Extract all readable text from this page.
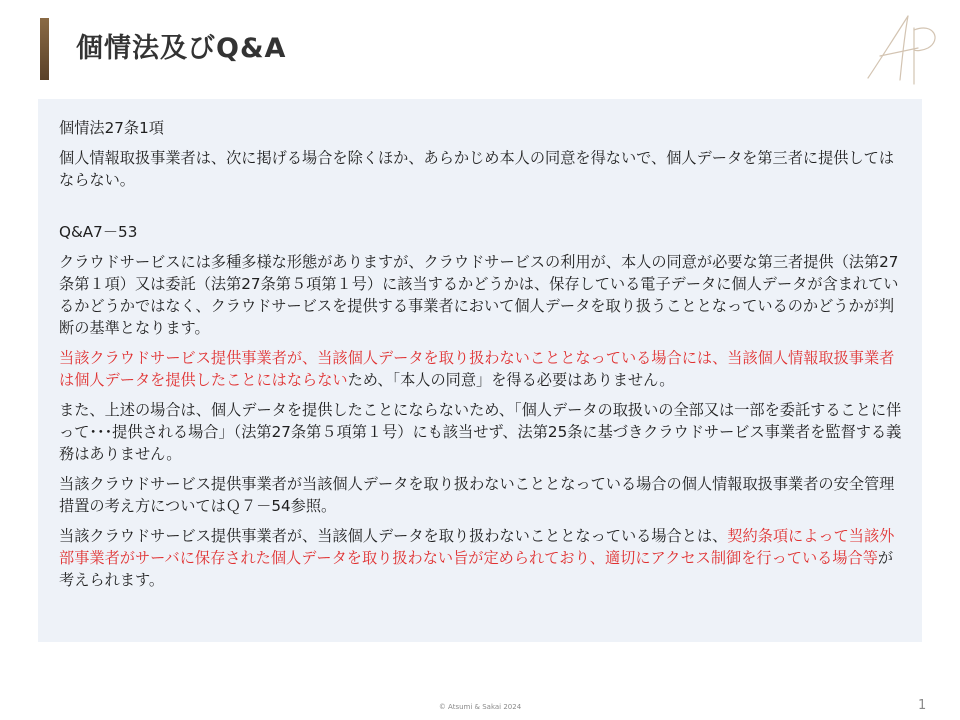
個情法及びQ&A

個情法27条1項

個人情報取扱事業者は、次に掲げる場合を除くほか、あらかじめ本人の同意を得ないで、個人データを第三者に提供してはならない。

Q&A7－53

クラウドサービスには多種多様な形態がありますが、クラウドサービスの利用が、本人の同意が必要な第三者提供（法第27条第１項）又は委託（法第27条第５項第１号）に該当するかどうかは、保存している電子データに個人データが含まれているかどうかではなく、クラウドサービスを提供する事業者において個人データを取り扱うこととなっているのかどうかが判断の基準となります。

当該クラウドサービス提供事業者が、当該個人データを取り扱わないこととなっている場合には、当該個人情報取扱事業者は個人データを提供したことにはならないため、「本人の同意」を得る必要はありません。

また、上述の場合は、個人データを提供したことにならないため、「個人データの取扱いの全部又は一部を委託することに伴って･･･提供される場合」（法第27条第５項第１号）にも該当せず、法第25条に基づきクラウドサービス事業者を監督する義務はありません。

当該クラウドサービス提供事業者が当該個人データを取り扱わないこととなっている場合の個人情報取扱事業者の安全管理措置の考え方についてはＱ７－54参照。

当該クラウドサービス提供事業者が、当該個人データを取り扱わないこととなっている場合とは、契約条項によって当該外部事業者がサーバに保存された個人データを取り扱わない旨が定められており、適切にアクセス制御を行っている場合等が考えられます。

© Atsumi & Sakai 2024	1
